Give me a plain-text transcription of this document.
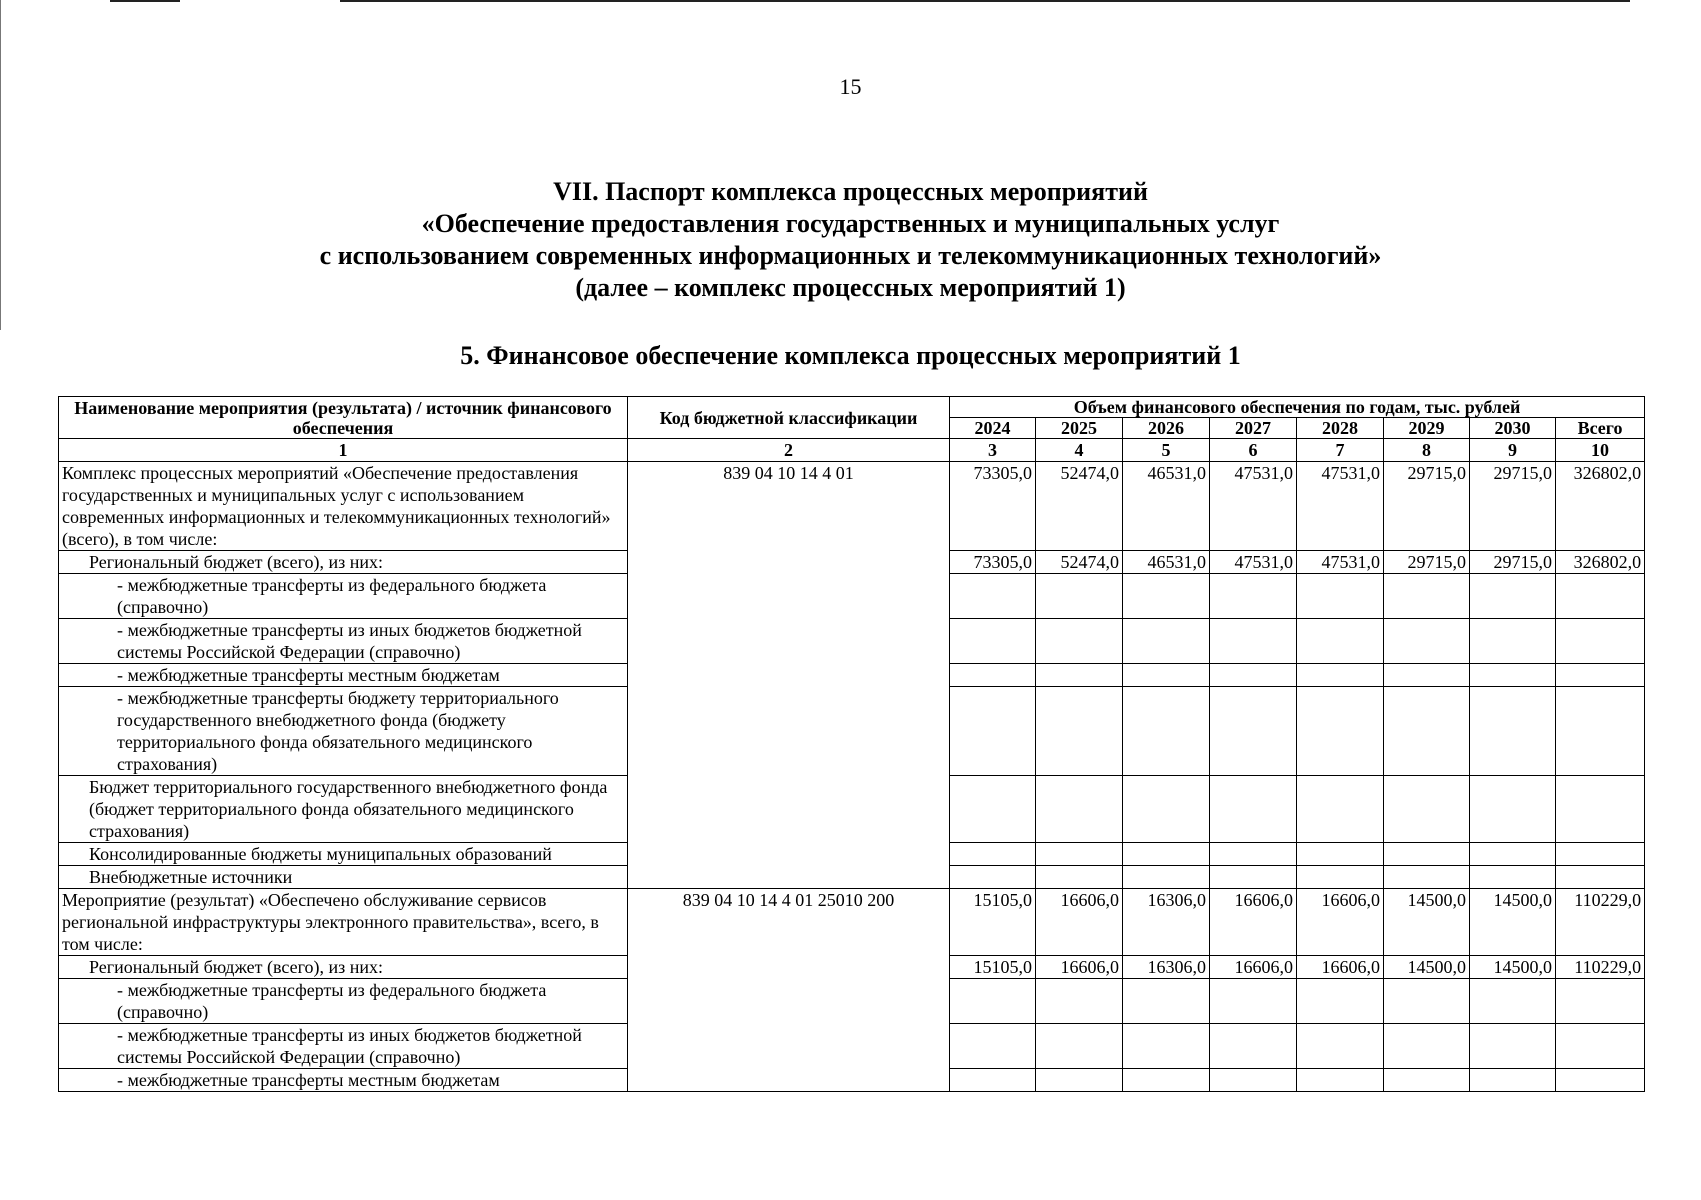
15
VII. Паспорт комплекса процессных мероприятий
«Обеспечение предоставления государственных и муниципальных услуг
с использованием современных информационных и телекоммуникационных технологий»
(далее – комплекс процессных мероприятий 1)
5. Финансовое обеспечение комплекса процессных мероприятий 1
Наименование мероприятия (результата) / источник финансового обеспечения	Код бюджетной классификации	Объем финансового обеспечения по годам, тыс. рублей							
		2024	2025	2026	2027	2028	2029	2030	Всего
1	2	3	4	5	6	7	8	9	10
Комплекс процессных мероприятий «Обеспечение предоставления государственных и муниципальных услуг с использованием современных информационных и телекоммуникационных технологий» (всего), в том числе:	839 04 10 14 4 01	73305,0	52474,0	46531,0	47531,0	47531,0	29715,0	29715,0	326802,0
Региональный бюджет (всего), из них:		73305,0	52474,0	46531,0	47531,0	47531,0	29715,0	29715,0	326802,0
- межбюджетные трансферты из федерального бюджета (справочно)									
- межбюджетные трансферты из иных бюджетов бюджетной системы Российской Федерации (справочно)									
- межбюджетные трансферты местным бюджетам									
- межбюджетные трансферты бюджету территориального государственного внебюджетного фонда (бюджету территориального фонда обязательного медицинского страхования)									
Бюджет территориального государственного внебюджетного фонда (бюджет территориального фонда обязательного медицинского страхования)									
Консолидированные бюджеты муниципальных образований									
Внебюджетные источники									
Мероприятие (результат) «Обеспечено обслуживание сервисов региональной инфраструктуры электронного правительства», всего, в том числе:	839 04 10 14 4 01 25010 200	15105,0	16606,0	16306,0	16606,0	16606,0	14500,0	14500,0	110229,0
Региональный бюджет (всего), из них:		15105,0	16606,0	16306,0	16606,0	16606,0	14500,0	14500,0	110229,0
- межбюджетные трансферты из федерального бюджета (справочно)									
- межбюджетные трансферты из иных бюджетов бюджетной системы Российской Федерации (справочно)									
- межбюджетные трансферты местным бюджетам									
